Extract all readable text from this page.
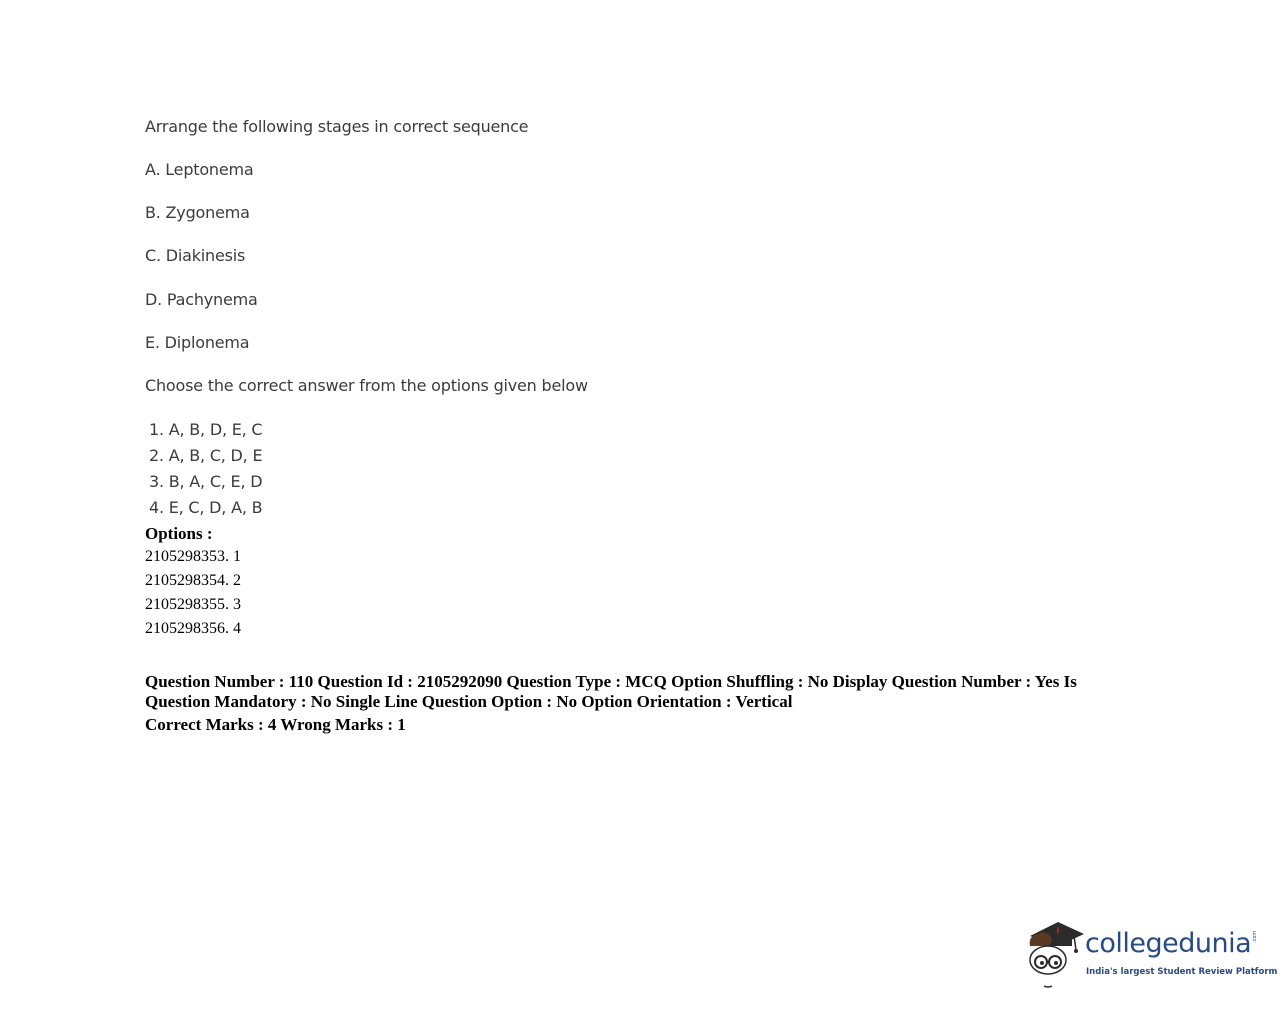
Arrange the following stages in correct sequence
A. Leptonema
B. Zygonema
C. Diakinesis
D. Pachynema
E. Diplonema
Choose the correct answer from the options given below
1. A, B, D, E, C
2. A, B, C, D, E
3. B, A, C, E, D
4. E, C, D, A, B
Options :
2105298353. 1
2105298354. 2
2105298355. 3
2105298356. 4
Question Number : 110 Question Id : 2105292090 Question Type : MCQ Option Shuffling : No Display Question Number : Yes Is
Question Mandatory : No Single Line Question Option : No Option Orientation : Vertical
Correct Marks : 4 Wrong Marks : 1
collegedunia .com
India's largest Student Review Platform
